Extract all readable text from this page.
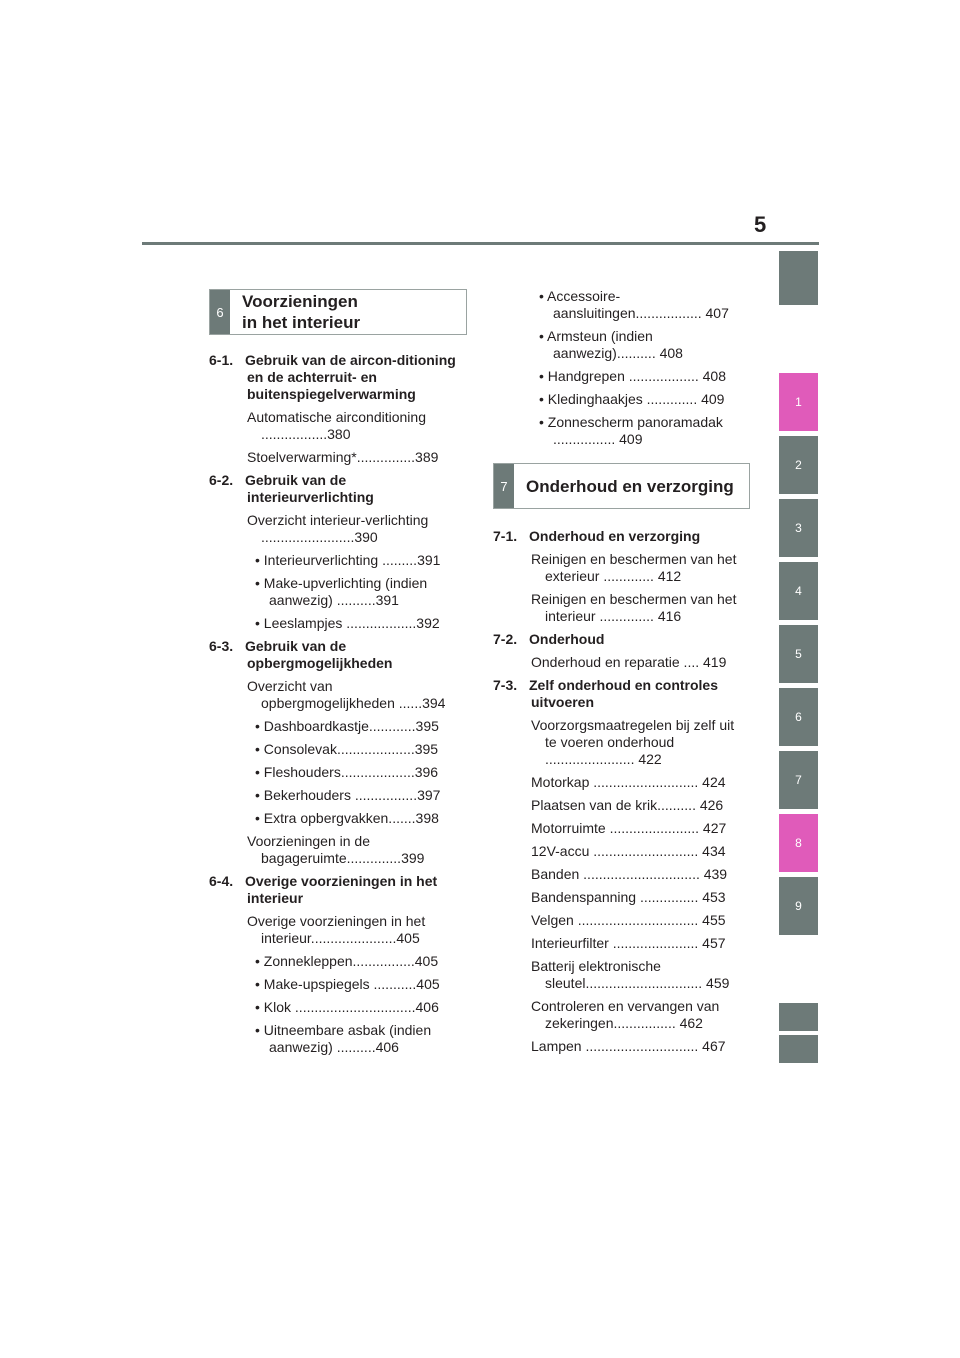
5
1
2
3
4
5
6
7
8
9
6
Voorzieningen
in het interieur
7	Onderhoud en verzorging
6-1. Gebruik van de aircon-ditioning en de achterruit- en buitenspiegelverwarming
Automatische airconditioning .................380
Stoelverwarming*...............389
6-2. Gebruik van de interieurverlichting
Overzicht interieur-verlichting ........................390
• Interieurverlichting .........391
• Make-upverlichting (indien aanwezig) ..........391
• Leeslampjes ..................392
6-3. Gebruik van de opbergmogelijkheden
Overzicht van opbergmogelijkheden ......394
• Dashboardkastje............395
• Consolevak....................395
• Fleshouders...................396
• Bekerhouders ................397
• Extra opbergvakken.......398
Voorzieningen in de bagageruimte..............399
6-4. Overige voorzieningen in het interieur
Overige voorzieningen in het interieur......................405
• Zonnekleppen................405
• Make-upspiegels ...........405
• Klok ...............................406
• Uitneembare asbak (indien aanwezig) ..........406
• Accessoire-aansluitingen................. 407
• Armsteun (indien aanwezig).......... 408
• Handgrepen .................. 408
• Kledinghaakjes ............. 409
• Zonnescherm panoramadak ................ 409
7-1. Onderhoud en verzorging
Reinigen en beschermen van het exterieur ............. 412
Reinigen en beschermen van het interieur .............. 416
7-2. Onderhoud
Onderhoud en reparatie .... 419
7-3. Zelf onderhoud en controles uitvoeren
Voorzorgsmaatregelen bij zelf uit te voeren onderhoud ....................... 422
Motorkap ........................... 424
Plaatsen van de krik.......... 426
Motorruimte ....................... 427
12V-accu ........................... 434
Banden .............................. 439
Bandenspanning ............... 453
Velgen ............................... 455
Interieurfilter ...................... 457
Batterij elektronische sleutel.............................. 459
Controleren en vervangen van zekeringen................ 462
Lampen ............................. 467
